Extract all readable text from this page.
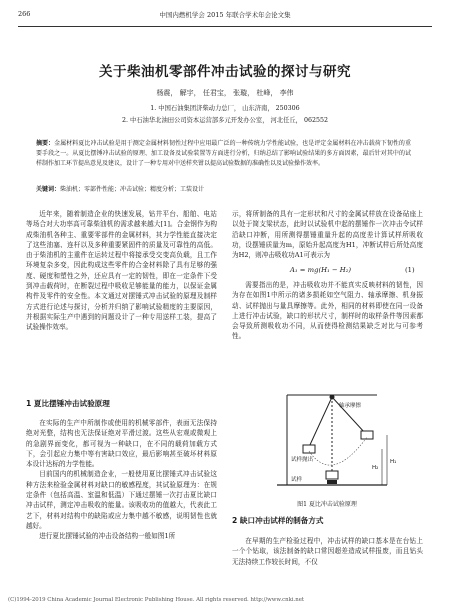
266	中国内燃机学会 2015 年联合学术年会论文集
关于柴油机零部件冲击试验的探讨与研究
杨震， 解宇， 任君宝， 张璇， 杜峰， 李伟
1. 中国石油集团济柴动力总厂， 山东济南， 250306
2. 中石油华北油田公司资本运营部多元开发办公室， 河北任丘， 062552
摘要：金属材料夏比冲击试验是用于测定金属材料韧性过程中应用最广泛的一种传统力学性能试验，也是评定金属材料在冲击载荷下韧性的重要手段之一。从夏比摆锤冲击试验的原理、加工设备及试验装置等方面进行分析，归纳总结了影响试验结果的多方面因素，最后针对其中的试样制作加工环节提出意见及建议，设计了一种专用对中送样夹钳以提高试验数据的准确性以及试验操作效率。
关键词：柴油机；零部件性能；冲击试验；精度分析；工装设计

近年来，随着制造企业的快速发展，钻井平台、船舶、电站等场合对大功率高可靠柴油机的需求越来越大[1]。合金钢作为构成柴油机各种主、重要零部件的金属材料，其力学性能直接决定了这些油塞、连杆以及多种重要紧固件的质量及可靠性的高低。由于柴油机的主重件在运转过程中将接承受交变高负载，且工作环境复杂多变，因此构成这些零件的合金材料除了具有足够的强度、硬度和塑性之外，还应具有一定的韧性，即在一定条件下受到冲击载荷时，在断裂过程中吸收足够能量的能力，以保证金属构件及零件的安全性。本文通过对摆锤式冲击试验的原理及制样方式进行论述与探讨，分析并归纳了影响试验精度的主要原因，并根据实际生产中遇到的问题设计了一种专用送样工装，提高了试验操作效率。

1 夏比摆锤冲击试验原理

在实际的生产中所制作或使用的机械零部件，表面无法保持绝对光整，结构也无法保证绝对平滑过渡。这些从宏观或微观上的急剧界面变化，都可视为一种缺口，在不同的载荷加载方式下，会引起应力集中等有害缺口效应，最后影响甚至破坏材料原本设计达标的力学性能。

目前国内的机械制造企业，一般使用夏比摆锤式冲击试验这种方法来检验金属材料对缺口的敏感程度，其试验原理为：在规定条件（包括高温、室温和低温）下通过摆锤一次打击夏比缺口冲击试样，测定冲击吸收的能量。该吸收功的值越大，代表此工艺下，材料对结构中的缺陷或应力集中越不敏感，说明韧性也就越好。

进行夏比摆锤试验的冲击设备结构一般如图1所

示，将所制备的具有一定形状和尺寸的金属试样放在设备砧座上以处于简支梁状态，此时以试验机中起的摆锤作一次冲击令试样沿缺口冲断，用所测得摆锤重量升起的高度差计算试样所吸收功，设摆锤质量为m，原始升起高度为H1，冲断试样后所处高度为H2，则冲击吸收功A1可表示为

A₁ = mg(H₁ − H₂)	(1)

需要指出的是，冲击吸收功并不能真实反映材料的韧性，因为存在如图1中所示的诸多损耗如空气阻力、轴承摩擦、机身振动、试样抛出与量具摩擦等。此外，相同的材料即使在同一设备上进行冲击试验，缺口的形状尺寸，制样时的取样条件等因素都会导致所测吸收功不同，从而使得检测结果缺乏对比与可参考性。

H₁
H₂
轴承摩擦
试样
试样抛出
图1 夏比冲击试验原理
2 缺口冲击试样的制备方式

在早期的生产检验过程中，冲击试样的缺口基本是在台钻上一个个钻取，该法制备的缺口常因超差造成试样报废，而且钻头无法持续工作较长时间，不仅

(C)1994-2019 China Academic Journal Electronic Publishing House. All rights reserved. http://www.cnki.net
